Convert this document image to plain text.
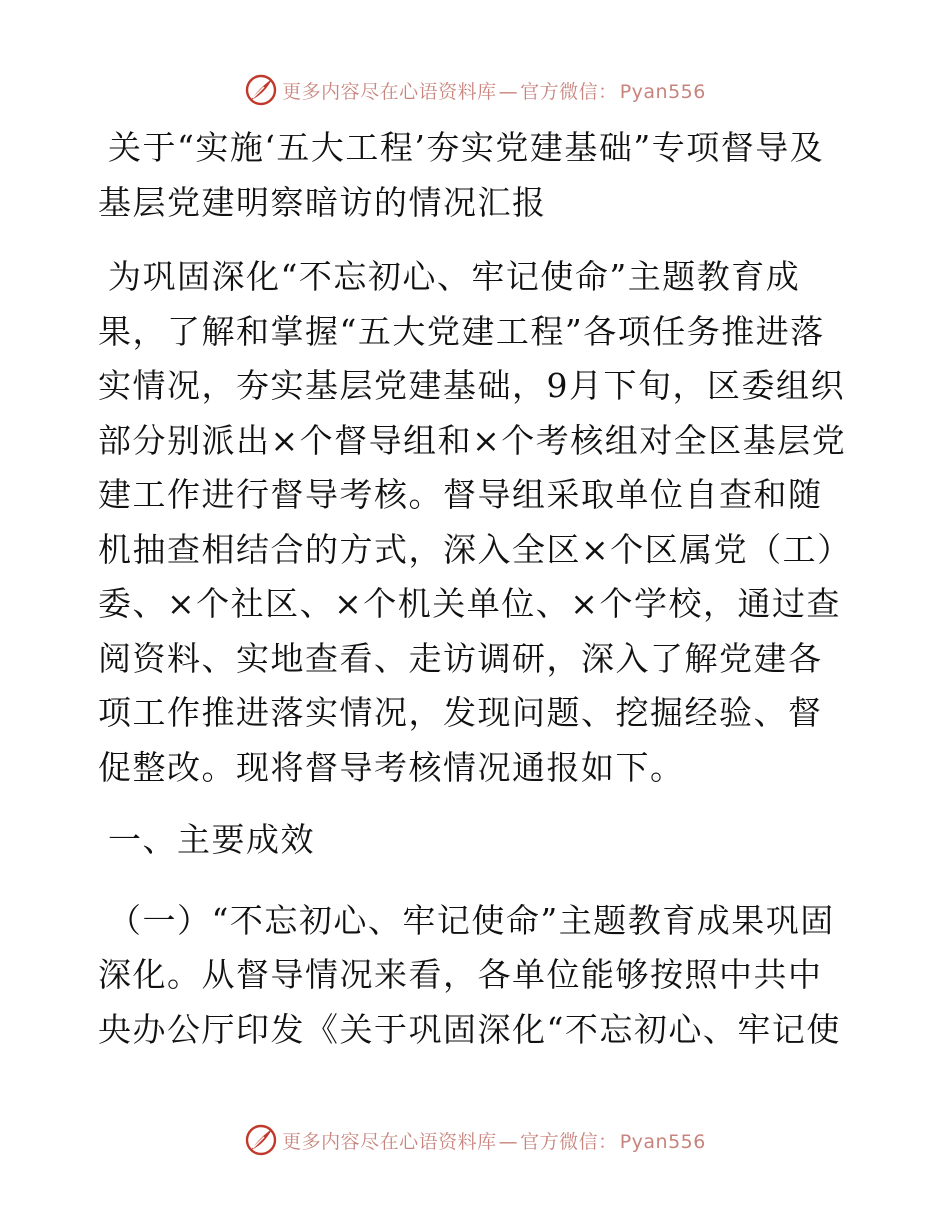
更多内容尽在心语资料库 — 官方微信： Pyan556

关于“实施‘五大工程’夯实党建基础”专项督导及基层党建明察暗访的情况汇报

为巩固深化“不忘初心、牢记使命”主题教育成果，了解和掌握“五大党建工程”各项任务推进落实情况，夯实基层党建基础，9月下旬，区委组织部分别派出×个督导组和×个考核组对全区基层党建工作进行督导考核。督导组采取单位自查和随机抽查相结合的方式，深入全区×个区属党（工）委、×个社区、×个机关单位、×个学校，通过查阅资料、实地查看、走访调研，深入了解党建各项工作推进落实情况，发现问题、挖掘经验、督促整改。现将督导考核情况通报如下。

一、主要成效

（一）“不忘初心、牢记使命”主题教育成果巩固深化。从督导情况来看，各单位能够按照中共中央办公厅印发《关于巩固深化“不忘初心、牢记使

更多内容尽在心语资料库 — 官方微信： Pyan556
